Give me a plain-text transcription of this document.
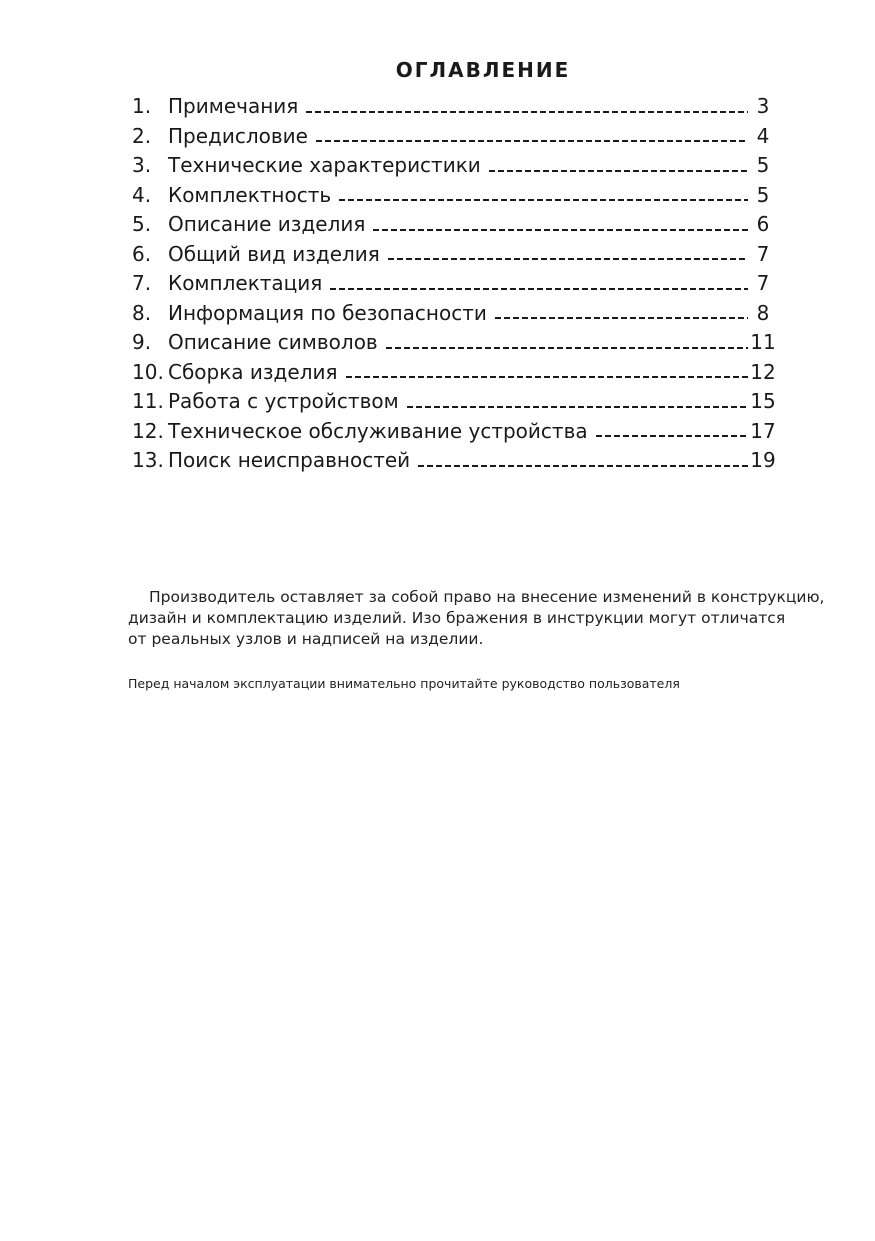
ОГЛАВЛЕНИЕ
1. Примечания	3
2. Предисловие	4
3. Технические характеристики	5
4. Комплектность	5
5. Описание изделия	6
6. Общий вид изделия	7
7. Комплектация	7
8. Информация по безопасности	8
9. Описание символов	11
10. Сборка изделия	12
11. Работа с устройством	15
12. Техническое обслуживание устройства	17
13. Поиск неисправностей	19

Производитель оставляет за собой право на внесение изменений в конструкцию,
дизайн и комплектацию изделий. Изо бражения в инструкции могут отличатся
от реальных узлов и надписей на изделии.

Перед началом эксплуатации внимательно прочитайте руководство пользователя
